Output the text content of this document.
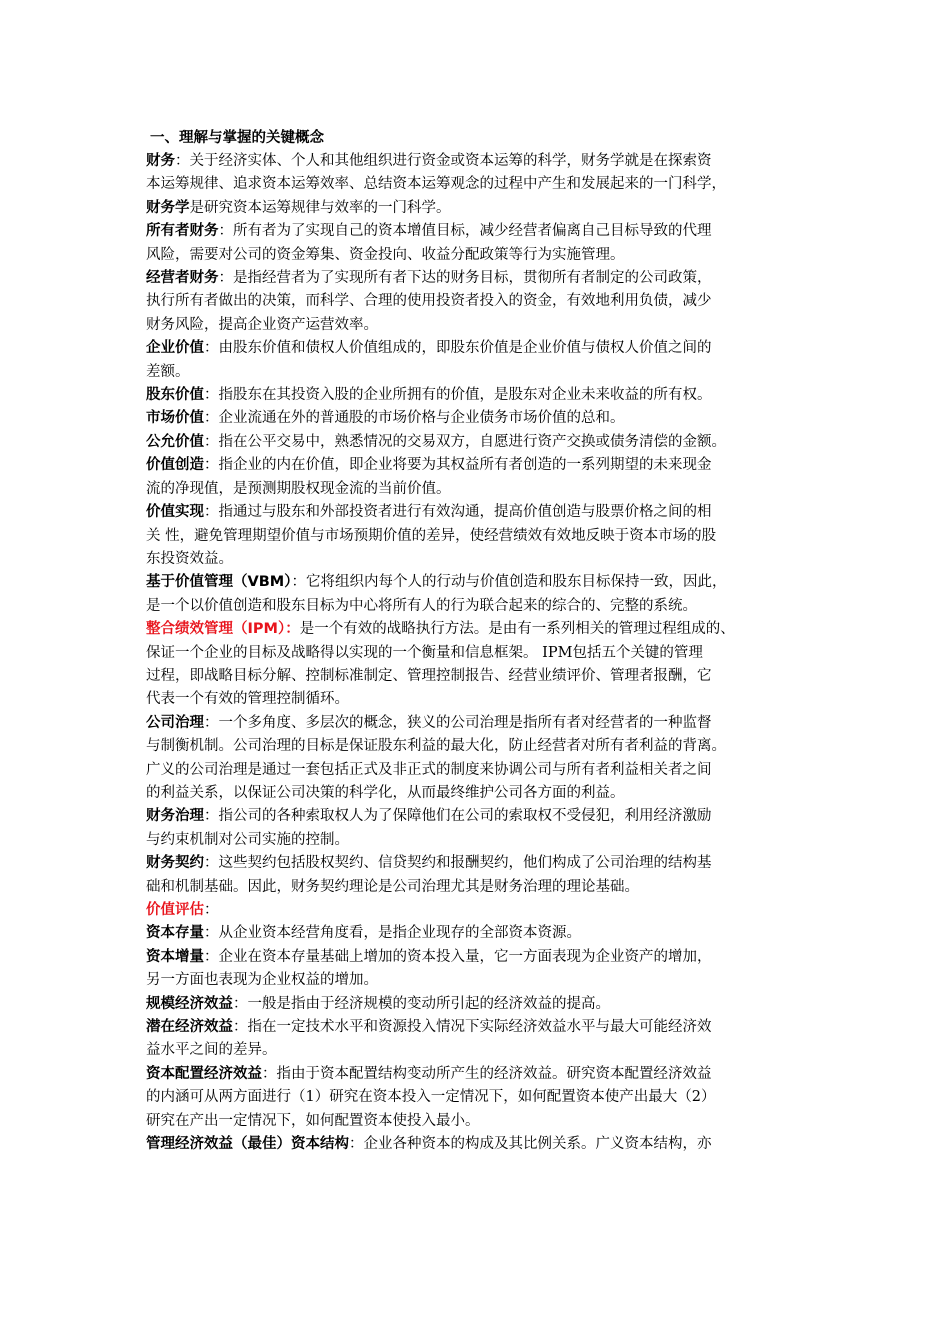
一、理解与掌握的关键概念
财务：关于经济实体、个人和其他组织进行资金或资本运筹的科学，财务学就是在探索资
本运筹规律、追求资本运筹效率、总结资本运筹观念的过程中产生和发展起来的一门科学，
财务学是研究资本运筹规律与效率的一门科学。
所有者财务：所有者为了实现自己的资本增值目标，减少经营者偏离自己目标导致的代理
风险，需要对公司的资金筹集、资金投向、收益分配政策等行为实施管理。
经营者财务：是指经营者为了实现所有者下达的财务目标，贯彻所有者制定的公司政策，
执行所有者做出的决策，而科学、合理的使用投资者投入的资金，有效地利用负债，减少
财务风险，提高企业资产运营效率。
企业价值：由股东价值和债权人价值组成的，即股东价值是企业价值与债权人价值之间的
差额。
股东价值：指股东在其投资入股的企业所拥有的价值，是股东对企业未来收益的所有权。
市场价值：企业流通在外的普通股的市场价格与企业债务市场价值的总和。
公允价值：指在公平交易中，熟悉情况的交易双方，自愿进行资产交换或债务清偿的金额。
价值创造：指企业的内在价值，即企业将要为其权益所有者创造的一系列期望的未来现金
流的净现值，是预测期股权现金流的当前价值。
价值实现：指通过与股东和外部投资者进行有效沟通，提高价值创造与股票价格之间的相
关 性，避免管理期望价值与市场预期价值的差异，使经营绩效有效地反映于资本市场的股
东投资效益。
基于价值管理（VBM）：它将组织内每个人的行动与价值创造和股东目标保持一致，因此，
是一个以价值创造和股东目标为中心将所有人的行为联合起来的综合的、完整的系统。
整合绩效管理（IPM）：是一个有效的战略执行方法。是由有一系列相关的管理过程组成的、
保证一个企业的目标及战略得以实现的一个衡量和信息框架。 IPM包括五个关键的管理
过程，即战略目标分解、控制标准制定、管理控制报告、经营业绩评价、管理者报酬，它
代表一个有效的管理控制循环。
公司治理：一个多角度、多层次的概念，狭义的公司治理是指所有者对经营者的一种监督
与制衡机制。公司治理的目标是保证股东利益的最大化，防止经营者对所有者利益的背离。
广义的公司治理是通过一套包括正式及非正式的制度来协调公司与所有者利益相关者之间
的利益关系，以保证公司决策的科学化，从而最终维护公司各方面的利益。
财务治理：指公司的各种索取权人为了保障他们在公司的索取权不受侵犯，利用经济激励
与约束机制对公司实施的控制。
财务契约：这些契约包括股权契约、信贷契约和报酬契约，他们构成了公司治理的结构基
础和机制基础。因此，财务契约理论是公司治理尤其是财务治理的理论基础。
价值评估：
资本存量：从企业资本经营角度看，是指企业现存的全部资本资源。
资本增量：企业在资本存量基础上增加的资本投入量，它一方面表现为企业资产的增加，
另一方面也表现为企业权益的增加。
规模经济效益：一般是指由于经济规模的变动所引起的经济效益的提高。
潜在经济效益：指在一定技术水平和资源投入情况下实际经济效益水平与最大可能经济效
益水平之间的差异。
资本配置经济效益：指由于资本配置结构变动所产生的经济效益。研究资本配置经济效益
的内涵可从两方面进行（1）研究在资本投入一定情况下，如何配置资本使产出最大（2）
研究在产出一定情况下，如何配置资本使投入最小。
管理经济效益（最佳）资本结构：企业各种资本的构成及其比例关系。广义资本结构，亦
